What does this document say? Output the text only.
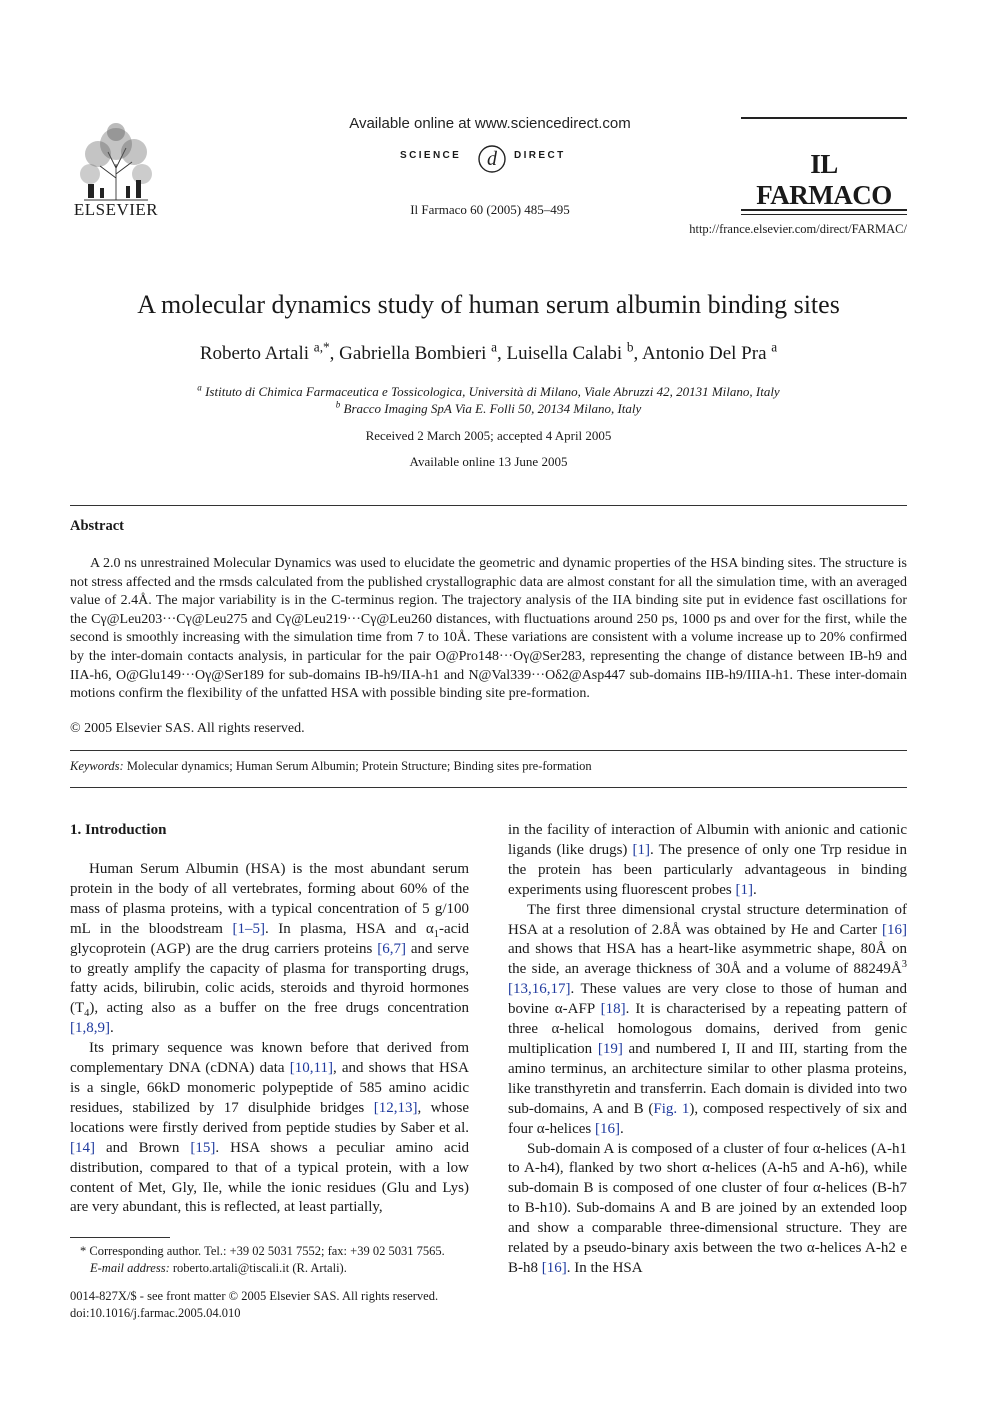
ELSEVIER
Available online at www.sciencedirect.com
SCIENCE d DIRECT
Il Farmaco 60 (2005) 485–495
IL FARMACO
http://france.elsevier.com/direct/FARMAC/
A molecular dynamics study of human serum albumin binding sites
Roberto Artali $^{a,*}$, Gabriella Bombieri $^a$, Luisella Calabi $^b$, Antonio Del Pra $^a$
$^a$ Istituto di Chimica Farmaceutica e Tossicologica, Università di Milano, Viale Abruzzi 42, 20131 Milano, Italy
$^b$ Bracco Imaging SpA Via E. Folli 50, 20134 Milano, Italy
Received 2 March 2005; accepted 4 April 2005
Available online 13 June 2005
Abstract
A 2.0 ns unrestrained Molecular Dynamics was used to elucidate the geometric and dynamic properties of the HSA binding sites. The structure is not stress affected and the rmsds calculated from the published crystallographic data are almost constant for all the simulation time, with an averaged value of 2.4Å. The major variability is in the C-terminus region. The trajectory analysis of the IIA binding site put in evidence fast oscillations for the Cγ@Leu203···Cγ@Leu275 and Cγ@Leu219···Cγ@Leu260 distances, with fluctuations around 250 ps, 1000 ps and over for the first, while the second is smoothly increasing with the simulation time from 7 to 10Å. These variations are consistent with a volume increase up to 20% confirmed by the inter-domain contacts analysis, in particular for the pair O@Pro148···Oγ@Ser283, representing the change of distance between IB-h9 and IIA-h6, O@Glu149···Oγ@Ser189 for sub-domains IB-h9/IIA-h1 and N@Val339···Oδ2@Asp447 sub-domains IIB-h9/IIIA-h1. These inter-domain motions confirm the flexibility of the unfatted HSA with possible binding site pre-formation.
© 2005 Elsevier SAS. All rights reserved.
Keywords: Molecular dynamics; Human Serum Albumin; Protein Structure; Binding sites pre-formation
1. Introduction

Human Serum Albumin (HSA) is the most abundant serum protein in the body of all vertebrates, forming about 60% of the mass of plasma proteins, with a typical concentration of 5 g/100 mL in the bloodstream [1–5]. In plasma, HSA and $\alpha_1$-acid glycoprotein (AGP) are the drug carriers proteins [6,7] and serve to greatly amplify the capacity of plasma for transporting drugs, fatty acids, bilirubin, colic acids, steroids and thyroid hormones $(T_4)$, acting also as a buffer on the free drugs concentration [1,8,9].

Its primary sequence was known before that derived from complementary DNA (cDNA) data [10,11], and shows that HSA is a single, 66kD monomeric polypeptide of 585 amino acidic residues, stabilized by 17 disulphide bridges [12,13], whose locations were firstly derived from peptide studies by Saber et al. [14] and Brown [15]. HSA shows a peculiar amino acid distribution, compared to that of a typical protein, with a low content of Met, Gly, Ile, while the ionic residues (Glu and Lys) are very abundant, this is reflected, at least partially,

* Corresponding author. Tel.: +39 02 5031 7552; fax: +39 02 5031 7565.
E-mail address: roberto.artali@tiscali.it (R. Artali).
0014-827X/$ - see front matter © 2005 Elsevier SAS. All rights reserved.
doi:10.1016/j.farmac.2005.04.010

in the facility of interaction of Albumin with anionic and cationic ligands (like drugs) [1]. The presence of only one Trp residue in the protein has been particularly advantageous in binding experiments using fluorescent probes [1].

The first three dimensional crystal structure determination of HSA at a resolution of 2.8Å was obtained by He and Carter [16] and shows that HSA has a heart-like asymmetric shape, 80Å on the side, an average thickness of 30Å and a volume of $88249Å^3$ [13,16,17]. These values are very close to those of human and bovine α-AFP [18]. It is characterised by a repeating pattern of three α-helical homologous domains, derived from genic multiplication [19] and numbered I, II and III, starting from the amino terminus, an architecture similar to other plasma proteins, like transthyretin and transferrin. Each domain is divided into two sub-domains, A and B (Fig. 1), composed respectively of six and four α-helices [16].

Sub-domain A is composed of a cluster of four α-helices (A-h1 to A-h4), flanked by two short α-helices (A-h5 and A-h6), while sub-domain B is composed of one cluster of four α-helices (B-h7 to B-h10). Sub-domains A and B are joined by an extended loop and show a comparable three-dimensional structure. They are related by a pseudo-binary axis between the two α-helices A-h2 e B-h8 [16]. In the HSA
